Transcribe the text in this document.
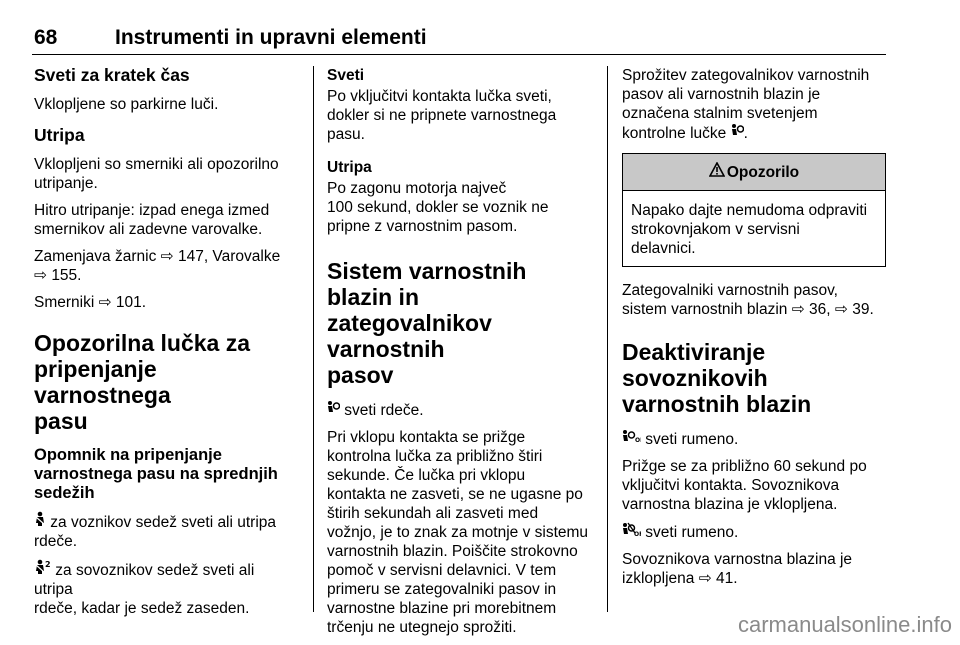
68	Instrumenti in upravni elementi
Sveti za kratek čas

Vklopljene so parkirne luči.

Utripa

Vklopljeni so smerniki ali opozorilno
utripanje.

Hitro utripanje: izpad enega izmed
smernikov ali zadevne varovalke.

Zamenjava žarnic ⇨ 147, Varovalke
⇨ 155.

Smerniki ⇨ 101.

Opozorilna lučka za
pripenjanje varnostnega
pasu
Opomnik na pripenjanje
varnostnega pasu na sprednjih
sedežih

za voznikov sedež sveti ali utripa
rdeče.

2 za sovoznikov sedež sveti ali utripa
rdeče, kadar je sedež zaseden.

Sveti

Po vključitvi kontakta lučka sveti,
dokler si ne pripnete varnostnega
pasu.

Utripa

Po zagonu motorja največ
100 sekund, dokler se voznik ne
pripne z varnostnim pasom.

Sistem varnostnih blazin in
zategovalnikov varnostnih
pasov

sveti rdeče.

Pri vklopu kontakta se prižge
kontrolna lučka za približno štiri
sekunde. Če lučka pri vklopu
kontakta ne zasveti, se ne ugasne po
štirih sekundah ali zasveti med
vožnjo, je to znak za motnje v sistemu
varnostnih blazin. Poiščite strokovno
pomoč v servisni delavnici. V tem
primeru se zategovalniki pasov in
varnostne blazine pri morebitnem
trčenju ne utegnejo sprožiti.

Sprožitev zategovalnikov varnostnih
pasov ali varnostnih blazin je
označena stalnim svetenjem
kontrolne lučke .

Opozorilo
Napako dajte nemudoma odpraviti
strokovnjakom v servisni
delavnici.

Zategovalniki varnostnih pasov,
sistem varnostnih blazin ⇨ 36, ⇨ 39.

Deaktiviranje sovoznikovih
varnostnih blazin

O sveti rumeno.

Prižge se za približno 60 sekund po
vključitvi kontakta. Sovoznikova
varnostna blazina je vklopljena.

O sveti rumeno.

Sovoznikova varnostna blazina je
izklopljena ⇨ 41.

carmanualsonline.info
